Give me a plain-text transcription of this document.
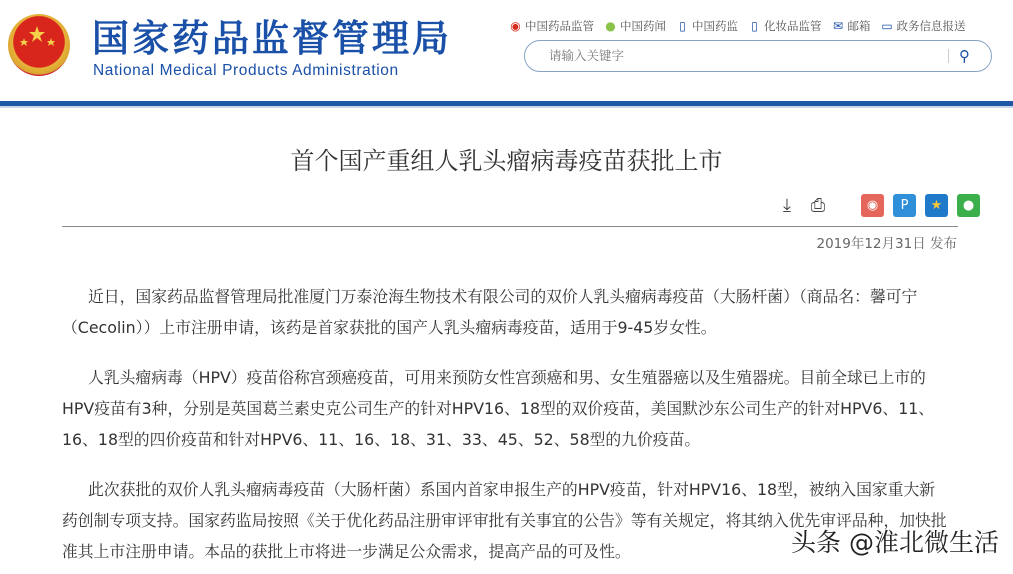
国家药品监督管理局
National Medical Products Administration
◉ 中国药品监管 ● 中国药闻	▯ 中国药监	▯ 化妆品监管 ✉ 邮箱 ▭ 政务信息报送
请输入关键字
⚲
首个国产重组人乳头瘤病毒疫苗获批上市
⤓	⎙	◉	P	★	●
2019年12月31日 发布
近日，国家药品监督管理局批准厦门万泰沧海生物技术有限公司的双价人乳头瘤病毒疫苗（大肠杆菌）（商品名：馨可宁
（Cecolin））上市注册申请，该药是首家获批的国产人乳头瘤病毒疫苗，适用于9-45岁女性。
人乳头瘤病毒（HPV）疫苗俗称宫颈癌疫苗，可用来预防女性宫颈癌和男、女生殖器癌以及生殖器疣。目前全球已上市的
HPV疫苗有3种，分别是英国葛兰素史克公司生产的针对HPV16、18型的双价疫苗，美国默沙东公司生产的针对HPV6、11、
16、18型的四价疫苗和针对HPV6、11、16、18、31、33、45、52、58型的九价疫苗。
此次获批的双价人乳头瘤病毒疫苗（大肠杆菌）系国内首家申报生产的HPV疫苗，针对HPV16、18型，被纳入国家重大新
药创制专项支持。国家药监局按照《关于优化药品注册审评审批有关事宜的公告》等有关规定，将其纳入优先审评品种，加快批
准其上市注册申请。本品的获批上市将进一步满足公众需求，提高产品的可及性。	头条 @淮北微生活
